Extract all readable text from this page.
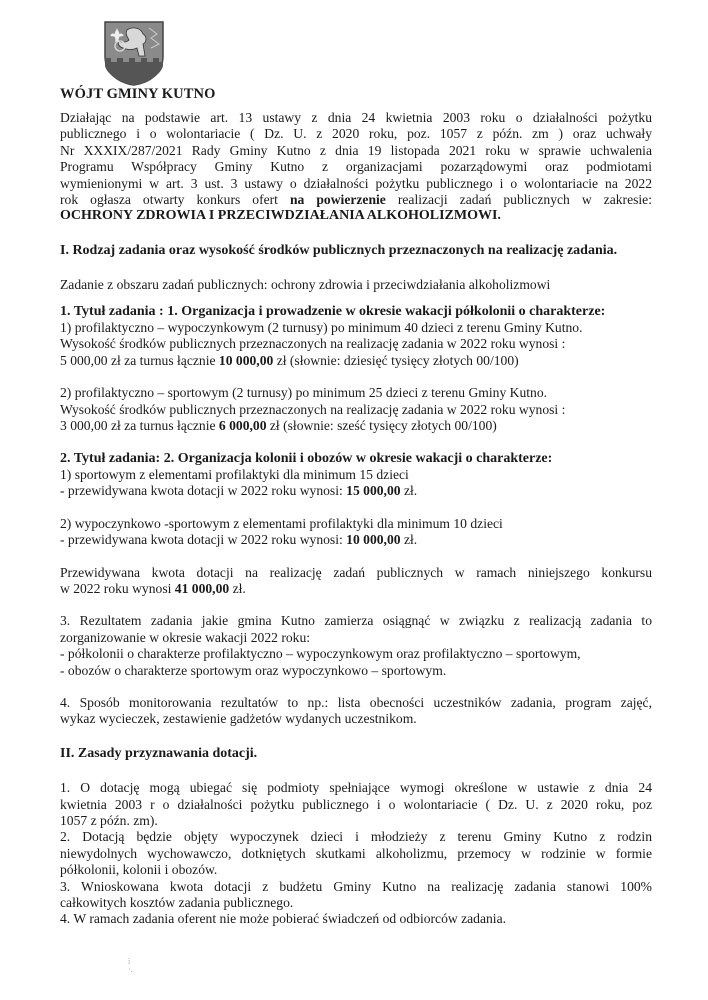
WÓJT GMINY KUTNO

Działając na podstawie art. 13 ustawy z dnia 24 kwietnia 2003 roku o działalności pożytku

publicznego i o wolontariacie ( Dz. U. z 2020 roku, poz. 1057 z późn. zm ) oraz uchwały

Nr XXXIX/287/2021 Rady Gminy Kutno z dnia 19 listopada 2021 roku w sprawie uchwalenia

Programu Współpracy Gminy Kutno z organizacjami pozarządowymi oraz podmiotami

wymienionymi w art. 3 ust. 3 ustawy o działalności pożytku publicznego i o wolontariacie na 2022

rok ogłasza otwarty konkurs ofert na powierzenie realizacji zadań publicznych w zakresie:

OCHRONY ZDROWIA I PRZECIWDZIAŁANIA ALKOHOLIZMOWI.

I. Rodzaj zadania oraz wysokość środków publicznych przeznaczonych na realizację zadania.

Zadanie z obszaru zadań publicznych: ochrony zdrowia i przeciwdziałania alkoholizmowi

1. Tytuł zadania : 1. Organizacja i prowadzenie w okresie wakacji półkolonii o charakterze:

1) profilaktyczno – wypoczynkowym (2 turnusy) po minimum 40 dzieci z terenu Gminy Kutno.

Wysokość środków publicznych przeznaczonych na realizację zadania w 2022 roku wynosi :

5 000,00 zł za turnus łącznie 10 000,00 zł (słownie: dziesięć tysięcy złotych 00/100)

2) profilaktyczno – sportowym (2 turnusy) po minimum 25 dzieci z terenu Gminy Kutno.

Wysokość środków publicznych przeznaczonych na realizację zadania w 2022 roku wynosi :

3 000,00 zł za turnus łącznie 6 000,00 zł (słownie: sześć tysięcy złotych 00/100)

2. Tytuł zadania: 2. Organizacja kolonii i obozów w okresie wakacji o charakterze:

1) sportowym z elementami profilaktyki dla minimum 15 dzieci

- przewidywana kwota dotacji w 2022 roku wynosi: 15 000,00 zł.

2) wypoczynkowo -sportowym z elementami profilaktyki dla minimum 10 dzieci

- przewidywana kwota dotacji w 2022 roku wynosi: 10 000,00 zł.

Przewidywana kwota dotacji na realizację zadań publicznych w ramach niniejszego konkursu

w 2022 roku wynosi 41 000,00 zł.

3. Rezultatem zadania jakie gmina Kutno zamierza osiągnąć w związku z realizacją zadania to

zorganizowanie w okresie wakacji 2022 roku:

- półkolonii o charakterze profilaktyczno – wypoczynkowym oraz profilaktyczno – sportowym,

- obozów o charakterze sportowym oraz wypoczynkowo – sportowym.

4. Sposób monitorowania rezultatów to np.: lista obecności uczestników zadania, program zajęć,

wykaz wycieczek, zestawienie gadżetów wydanych uczestnikom.

II. Zasady przyznawania dotacji.

1. O dotację mogą ubiegać się podmioty spełniające wymogi określone w ustawie z dnia 24

kwietnia 2003 r o działalności pożytku publicznego i o wolontariacie ( Dz. U. z 2020 roku, poz

1057 z późn. zm).

2. Dotacją będzie objęty wypoczynek dzieci i młodzieży z terenu Gminy Kutno z rodzin

niewydolnych wychowawczo, dotkniętych skutkami alkoholizmu, przemocy w rodzinie w formie

półkolonii, kolonii i obozów.

3. Wnioskowana kwota dotacji z budżetu Gminy Kutno na realizację zadania stanowi 100%

całkowitych kosztów zadania publicznego.

4. W ramach zadania oferent nie może pobierać świadczeń od odbiorców zadania.

⁞
·.
